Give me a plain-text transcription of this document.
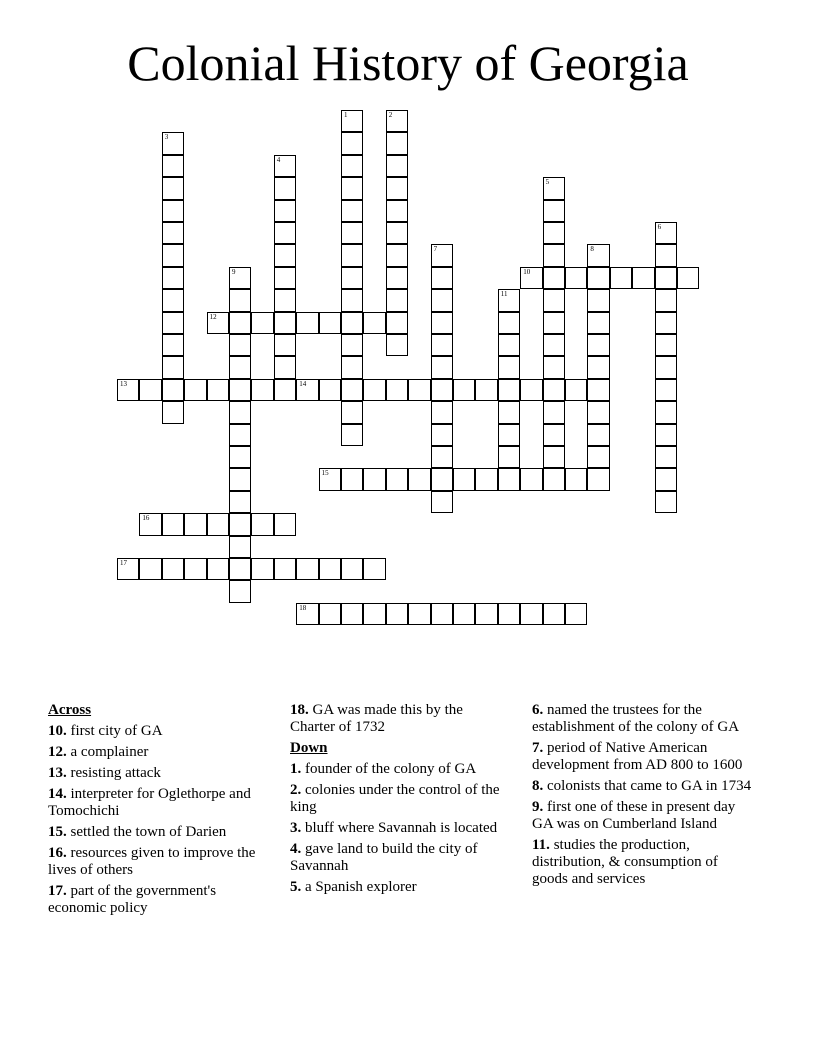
Colonial History of Georgia
1	2
3
4
5
6
7	8
9	10
11
12
13	14
15
16
17
18
Across
10. first city of GA
12. a complainer
13. resisting attack
14. interpreter for Oglethorpe and Tomochichi
15. settled the town of Darien
16. resources given to improve the lives of others
17. part of the government's economic policy
18. GA was made this by the Charter of 1732
Down
1. founder of the colony of GA
2. colonies under the control of the king
3. bluff where Savannah is located
4. gave land to build the city of Savannah
5. a Spanish explorer
6. named the trustees for the establishment of the colony of GA
7. period of Native American development from AD 800 to 1600
8. colonists that came to GA in 1734
9. first one of these in present day GA was on Cumberland Island
11. studies the production, distribution, & consumption of goods and services
